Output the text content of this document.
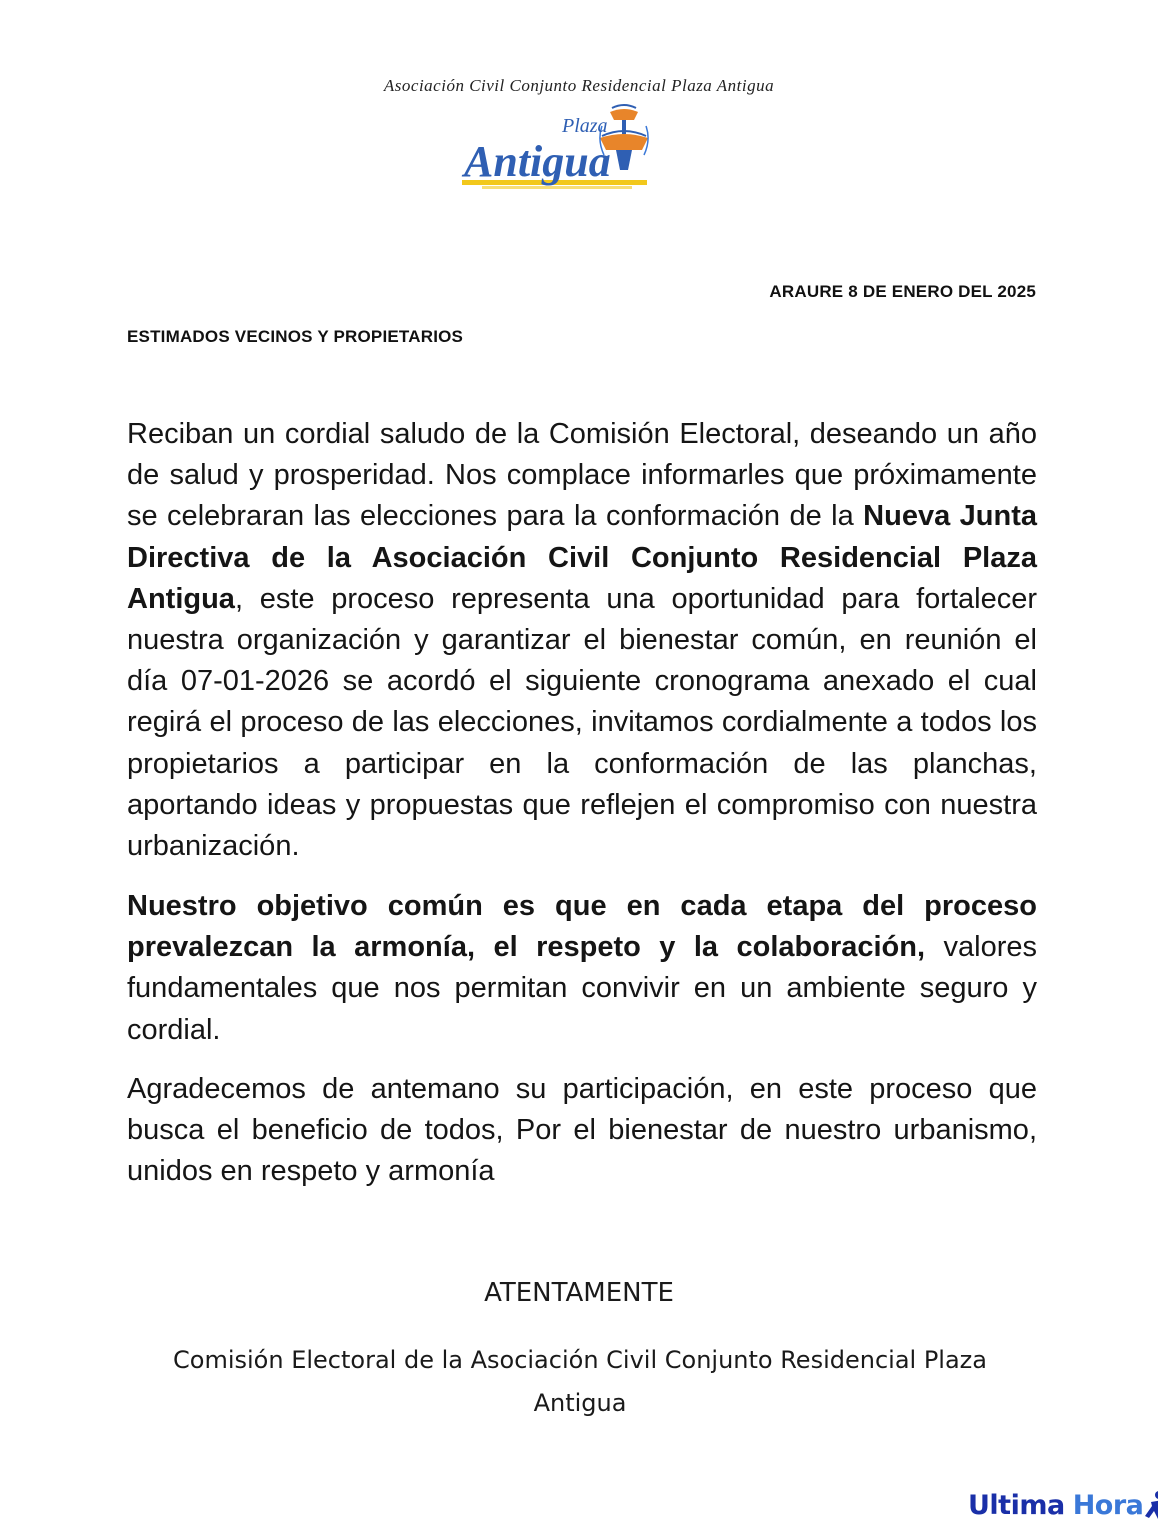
Asociación Civil Conjunto Residencial Plaza Antigua
Plaza
Antigua
ARAURE 8 DE ENERO DEL 2025
ESTIMADOS VECINOS Y PROPIETARIOS
Reciban un cordial saludo de la Comisión Electoral, deseando un año de salud y prosperidad. Nos complace informarles que próximamente se celebraran las elecciones para la conformación de la Nueva Junta Directiva de la Asociación Civil Conjunto Residencial Plaza Antigua, este proceso representa una oportunidad para fortalecer nuestra organización y garantizar el bienestar común, en reunión el día 07-01-2026 se acordó el siguiente cronograma anexado el cual regirá el proceso de las elecciones, invitamos cordialmente a todos los propietarios a participar en la conformación de las planchas, aportando ideas y propuestas que reflejen el compromiso con nuestra urbanización.
Nuestro objetivo común es que en cada etapa del proceso prevalezcan la armonía, el respeto y la colaboración, valores fundamentales que nos permitan convivir en un ambiente seguro y cordial.
Agradecemos de antemano su participación, en este proceso que busca el beneficio de todos, Por el bienestar de nuestro urbanismo, unidos en respeto y armonía
ATENTAMENTE
Comisión Electoral de la Asociación Civil Conjunto Residencial Plaza Antigua
Ultima Hora
